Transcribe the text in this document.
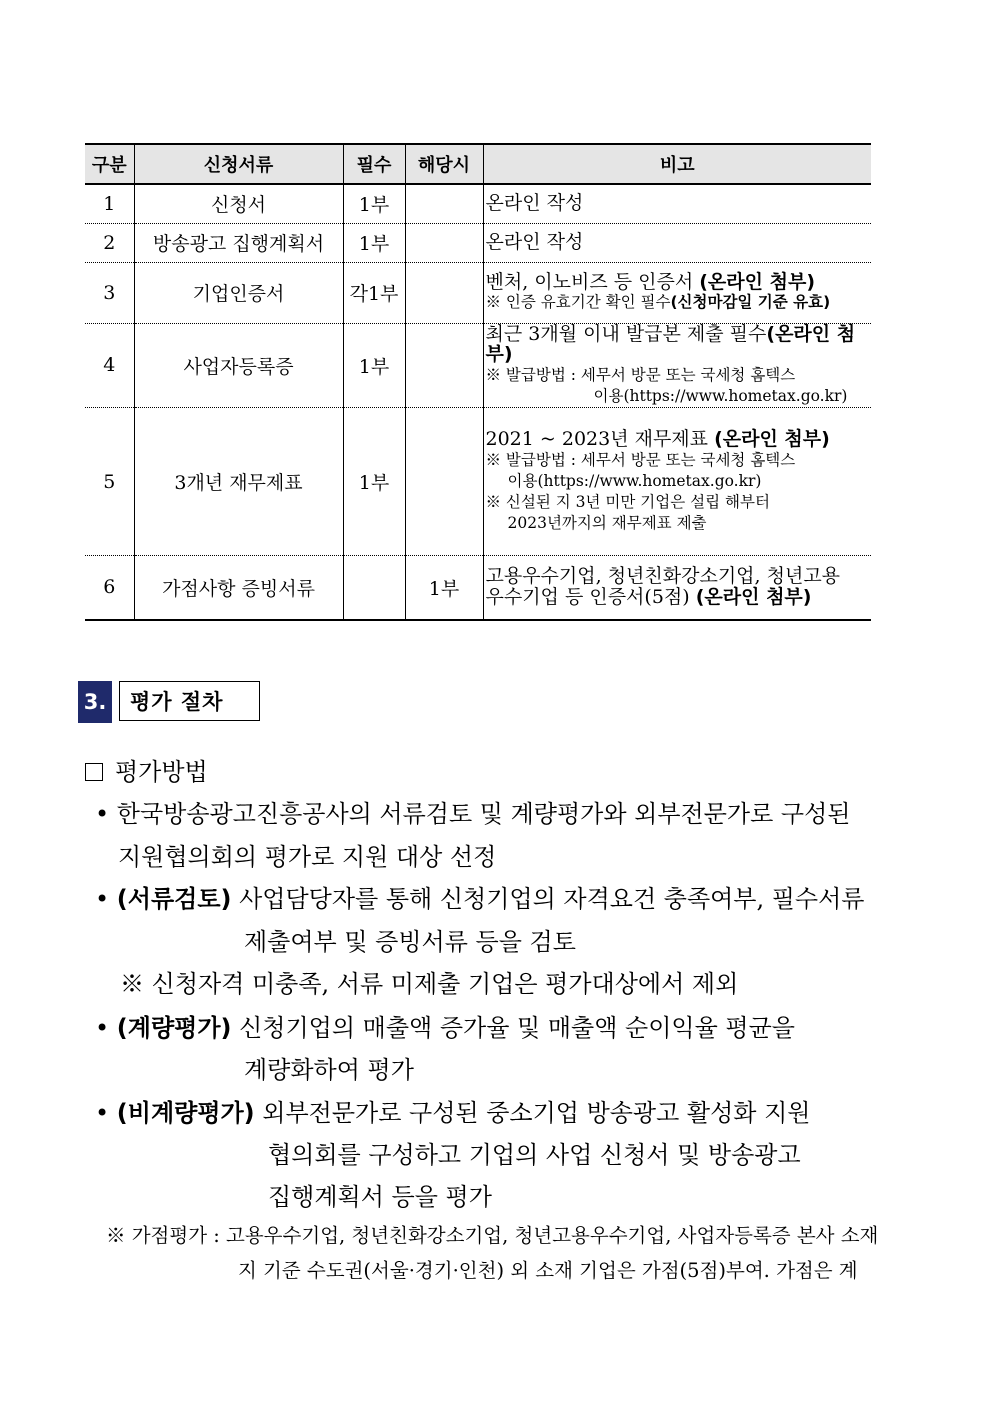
구분	신청서류	필수	해당시	비고
1	신청서	1부		온라인 작성

2	방송광고 집행계획서	1부		온라인 작성

3	기업인증서	각1부		벤처, 이노비즈 등 인증서 (온라인 첨부)
※ 인증 유효기간 확인 필수(신청마감일 기준 유효)

4	사업자등록증	1부		최근 3개월 이내 발급본 제출 필수(온라인 첨부)
※ 발급방법 : 세무서 방문 또는 국세청 홈텍스
이용(https://www.hometax.go.kr)

5	3개년 재무제표	1부		2021 ~ 2023년 재무제표 (온라인 첨부)
※ 발급방법 : 세무서 방문 또는 국세청 홈텍스
이용(https://www.hometax.go.kr)
※ 신설된 지 3년 미만 기업은 설립 해부터
2023년까지의 재무제표 제출

6	가점사항 증빙서류		1부	고용우수기업, 청년친화강소기업, 청년고용
우수기업 등 인증서(5점) (온라인 첨부)
3.	평가 절차
평가방법
• 한국방송광고진흥공사의 서류검토 및 계량평가와 외부전문가로 구성된
지원협의회의 평가로 지원 대상 선정
• (서류검토) 사업담당자를 통해 신청기업의 자격요건 충족여부, 필수서류
제출여부 및 증빙서류 등을 검토
※ 신청자격 미충족, 서류 미제출 기업은 평가대상에서 제외
• (계량평가) 신청기업의 매출액 증가율 및 매출액 순이익율 평균을
계량화하여 평가
• (비계량평가) 외부전문가로 구성된 중소기업 방송광고 활성화 지원
협의회를 구성하고 기업의 사업 신청서 및 방송광고
집행계획서 등을 평가
※ 가점평가 : 고용우수기업, 청년친화강소기업, 청년고용우수기업, 사업자등록증 본사 소재
지 기준 수도권(서울·경기·인천) 외 소재 기업은 가점(5점)부여. 가점은 계
